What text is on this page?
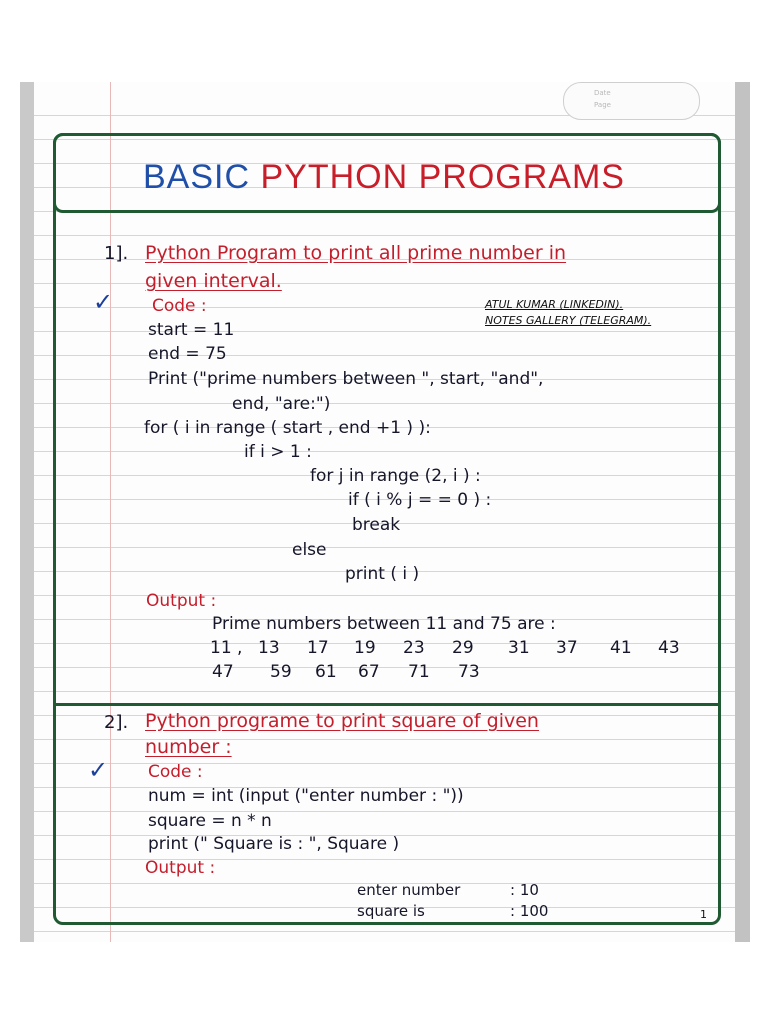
Date
Page
BASIC PYTHON PROGRAMS
1]. Python Program to print all prime number in
given interval.
✓ Code :	ATUL KUMAR (LINKEDIN).
NOTES GALLERY (TELEGRAM).
start = 11
end = 75
Print ("prime numbers between ", start, "and",
end, "are:")
for ( i in range ( start , end +1 ) ):
if i > 1 :
for j in range (2, i ) :
if ( i % j = = 0 ) :
break
else
print ( i )
Output :
Prime numbers between 11 and 75 are :
11 , 13 17 19 23 29 31 37 41 43
47 59 61 67 71 73
2]. Python programe to print square of given
number :
✓ Code :
num = int (input ("enter number : "))
square = n * n
print (" Square is : ", Square )
Output :
enter number	: 10
square is	: 100	1
